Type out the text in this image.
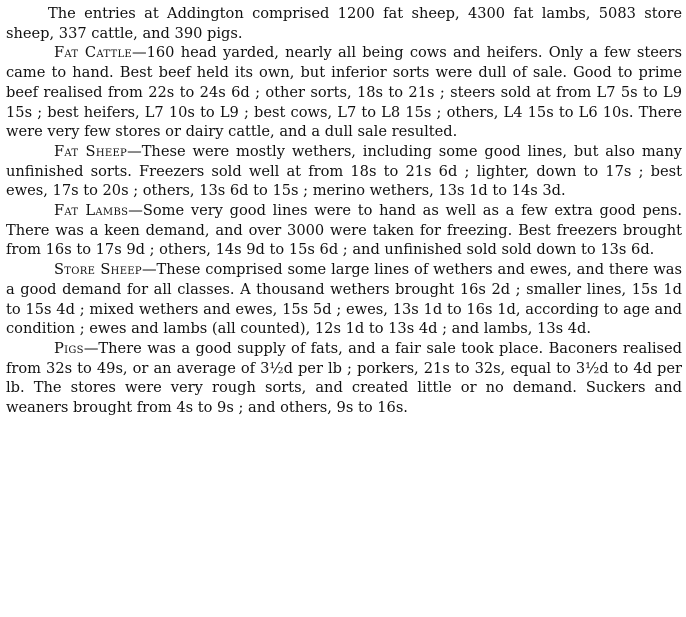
The entries at Addington comprised 1200 fat sheep, 4300 fat lambs, 5083 store sheep, 337 cattle, and 390 pigs.

Fat Cattle—160 head yarded, nearly all being cows and heifers. Only a few steers came to hand. Best beef held its own, but inferior sorts were dull of sale. Good to prime beef realised from 22s to 24s 6d ; other sorts, 18s to 21s ; steers sold at from L7 5s to L9 15s ; best heifers, L7 10s to L9 ; best cows, L7 to L8 15s ; others, L4 15s to L6 10s. There were very few stores or dairy cattle, and a dull sale resulted.

Fat Sheep—These were mostly wethers, including some good lines, but also many unfinished sorts. Freezers sold well at from 18s to 21s 6d ; lighter, down to 17s ; best ewes, 17s to 20s ; others, 13s 6d to 15s ; merino wethers, 13s 1d to 14s 3d.

Fat Lambs—Some very good lines were to hand as well as a few extra good pens. There was a keen demand, and over 3000 were taken for freezing. Best freezers brought from 16s to 17s 9d ; others, 14s 9d to 15s 6d ; and unfinished sold sold down to 13s 6d.

Store Sheep—These comprised some large lines of wethers and ewes, and there was a good demand for all classes. A thousand wethers brought 16s 2d ; smaller lines, 15s 1d to 15s 4d ; mixed wethers and ewes, 15s 5d ; ewes, 13s 1d to 16s 1d, according to age and condition ; ewes and lambs (all counted), 12s 1d to 13s 4d ; and lambs, 13s 4d.

Pigs—There was a good supply of fats, and a fair sale took place. Baconers realised from 32s to 49s, or an average of 3½d per lb ; porkers, 21s to 32s, equal to 3½d to 4d per lb. The stores were very rough sorts, and created little or no demand. Suckers and weaners brought from 4s to 9s ; and others, 9s to 16s.
